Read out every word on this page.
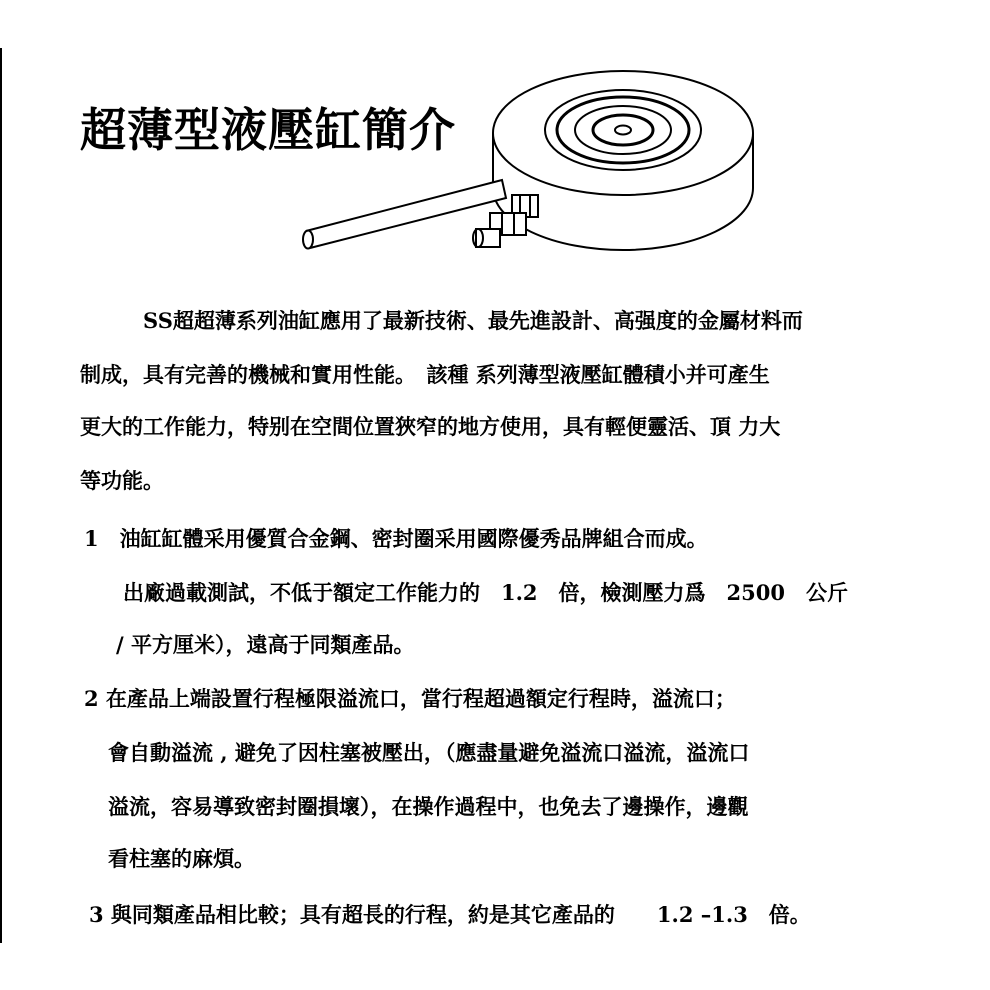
超薄型液壓缸簡介

SS超超薄系列油缸應用了最新技術、最先進設計、高强度的金屬材料而

制成，具有完善的機械和實用性能。　該種 系列薄型液壓缸體積小并可產生

更大的工作能力，特别在空間位置狹窄的地方使用，具有輕便靈活、頂 力大

等功能。

1　油缸缸體采用優質合金鋼、密封圈采用國際優秀品牌組合而成。

出廠過載測試，不低于額定工作能力的　1.2　倍，檢測壓力爲　2500　公斤

/ 平方厘米），遠高于同類產品。

2 在產品上端設置行程極限溢流口，當行程超過額定行程時，溢流口；

會自動溢流 , 避免了因柱塞被壓出，（應盡量避免溢流口溢流，溢流口

溢流，容易導致密封圈損壞），在操作過程中，也免去了邊操作，邊觀

看柱塞的麻煩。

3 與同類產品相比較；具有超長的行程，約是其它產品的　　1.2 –1.3　倍。
